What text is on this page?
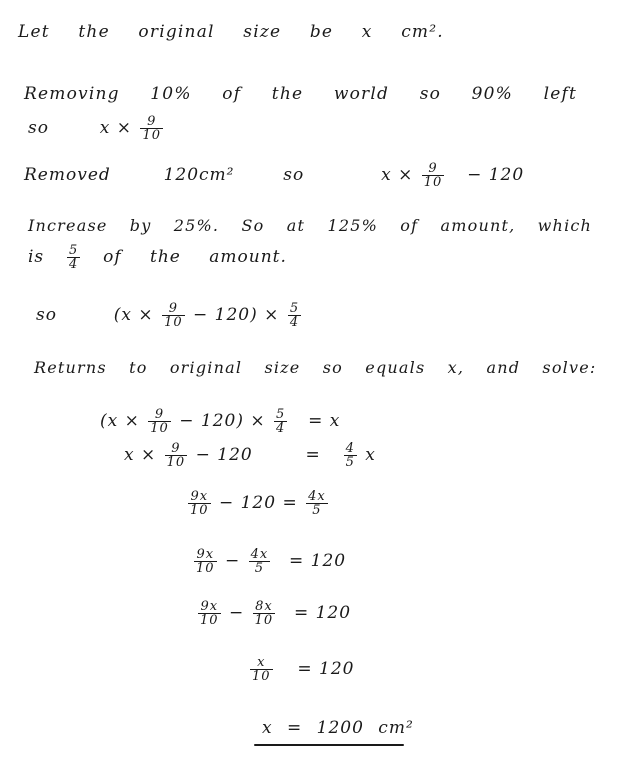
Let the original size be x cm².
Removing 10% of the world so 90% left
so	$x \times \frac{9}{10}$
Removed	120cm²	so	$x \times \frac{9}{10} - 120$
Increase by 25%. So at 125% of amount, which
is $\frac{5}{4}$ of the amount.
so	$(x \times \frac{9}{10} - 120) \times \frac{5}{4}$
Returns to original size so equals x, and solve:
$(x \times \frac{9}{10} - 120) \times \frac{5}{4} = x$
$x \times \frac{9}{10} - 120$	= $\frac{4}{5}$ x
$\frac{9x}{10} - 120 = \frac{4x}{5}$
$\frac{9x}{10} - \frac{4x}{5} = 120$
$\frac{9x}{10} - \frac{8x}{10} = 120$
$\frac{x}{10} = 120$
x = 1200 cm²
